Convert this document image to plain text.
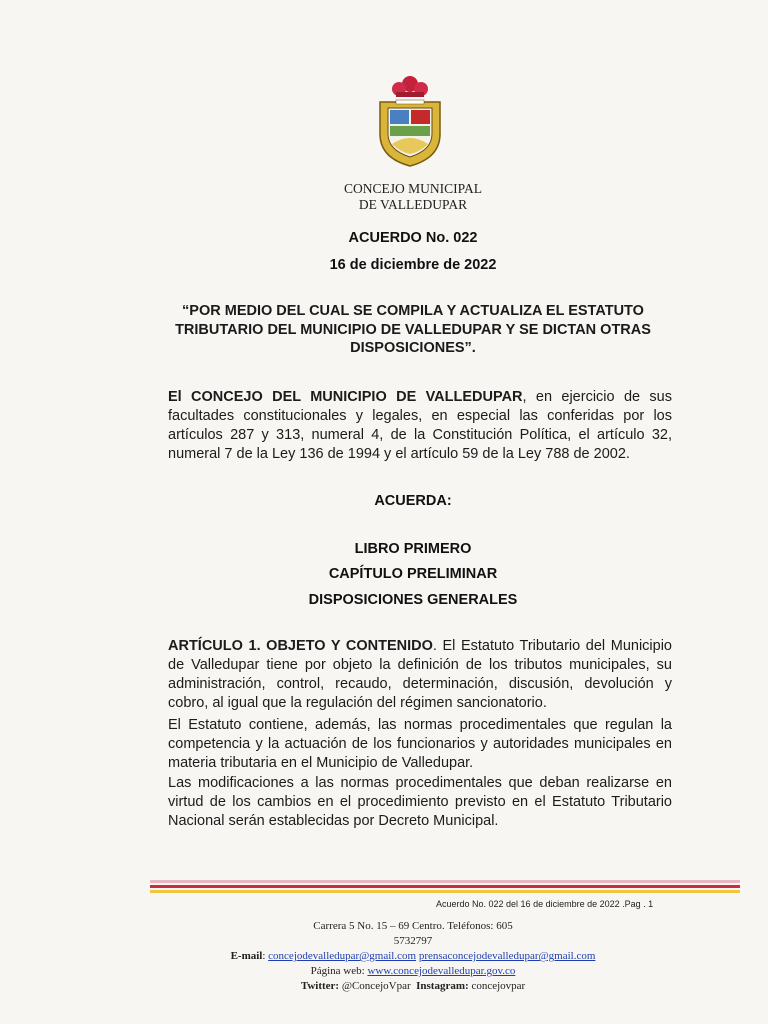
CONCEJO MUNICIPAL
DE VALLEDUPAR
ACUERDO No. 022
16 de diciembre de 2022
“POR MEDIO DEL CUAL SE COMPILA Y ACTUALIZA EL ESTATUTO TRIBUTARIO DEL MUNICIPIO DE VALLEDUPAR Y SE DICTAN OTRAS DISPOSICIONES”.
El CONCEJO DEL MUNICIPIO DE VALLEDUPAR, en ejercicio de sus facultades constitucionales y legales, en especial las conferidas por los artículos 287 y 313, numeral 4, de la Constitución Política, el artículo 32, numeral 7 de la Ley 136 de 1994 y el artículo 59 de la Ley 788 de 2002.
ACUERDA:
LIBRO PRIMERO
CAPÍTULO PRELIMINAR
DISPOSICIONES GENERALES
ARTÍCULO 1. OBJETO Y CONTENIDO. El Estatuto Tributario del Municipio de Valledupar tiene por objeto la definición de los tributos municipales, su administración, control, recaudo, determinación, discusión, devolución y cobro, al igual que la regulación del régimen sancionatorio.
El Estatuto contiene, además, las normas procedimentales que regulan la competencia y la actuación de los funcionarios y autoridades municipales en materia tributaria en el Municipio de Valledupar.
Las modificaciones a las normas procedimentales que deban realizarse en virtud de los cambios en el procedimiento previsto en el Estatuto Tributario Nacional serán establecidas por Decreto Municipal.
Acuerdo No. 022 del 16 de diciembre de 2022 .Pag . 1
Carrera 5 No. 15 – 69 Centro. Teléfonos: 605
5732797
E-mail: concejodevalledupar@gmail.com prensaconcejodevalledupar@gmail.com
Página web: www.concejodevalledupar.gov.co
Twitter: @ConcejoVpar Instagram: concejovpar
